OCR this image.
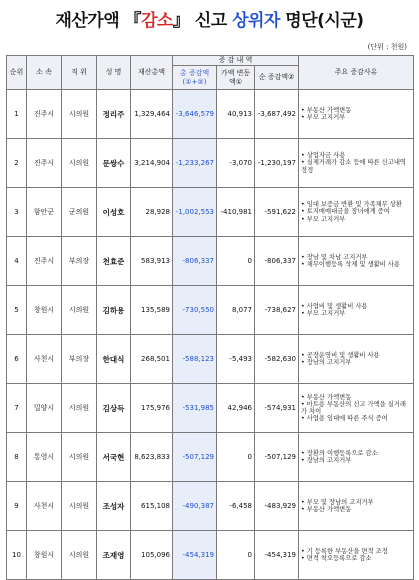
재산가액 『감소』 신고 상위자 명단(시군)
(단위 : 천원)
순위	소 속	직 위	성 명	재산총액	증 감 내 역			주요 증감사유
					총 증감액(①+②)	가액 변동액①	순 증감액②	
1	진주시	시의원	정리주	1,329,464	-3,646,579	40,913	-3,687,492	• 부동산 가액변동
• 부모 고지거부

2	진주시	시의원	문쌍수	3,214,904	-1,233,267	-3,070	-1,230,197	• 상업자금 사용
• 실제거래가 감소 등에 따른 신고내역 정정

3	함안군	군의원	이성호	28,928	-1,002,553	-410,981	-591,622	• 임대 보증금 반환 및 가족채무 상환
• 토지매매대금을 장녀에게 증여
• 부모 고지거부

4	진주시	부의장	천효준	583,913	-806,337	0	-806,337	• 장남 및 차남 고지거부
• 채무이행등록 삭제 및 생활비 사용

5	창원시	시의원	김하용	135,589	-730,550	8,077	-738,627	• 사업비 및 생활비 사용
• 부모 고지거부

6	사천시	부의장	한대식	268,501	-588,123	-5,493	-582,630	• 공장운영비 및 생활비 사용
• 장남의 고지거부

7	밀양시	시의원	김상득	175,976	-531,985	42,946	-574,931	• 부동산 가액변동
• 마트용 부동산의 신고 가액을 실거래가 차이
• 사업용 임대에 따른 주식 증여

8	통영시	시의원	서국현	8,623,833	-507,129	0	-507,129	• 장환의 이행등록으로 감소
• 장남의 고지거부

9	사천시	시의원	조성자	615,108	-490,387	-6,458	-483,929	• 부모 및 장남의 고지거부
• 부동산 가액변동

10	창원시	시의원	조재영	105,096	-454,319	0	-454,319	• 기 등록한 부동산을 면적 조정
• 면적 착오등록으로 감소
